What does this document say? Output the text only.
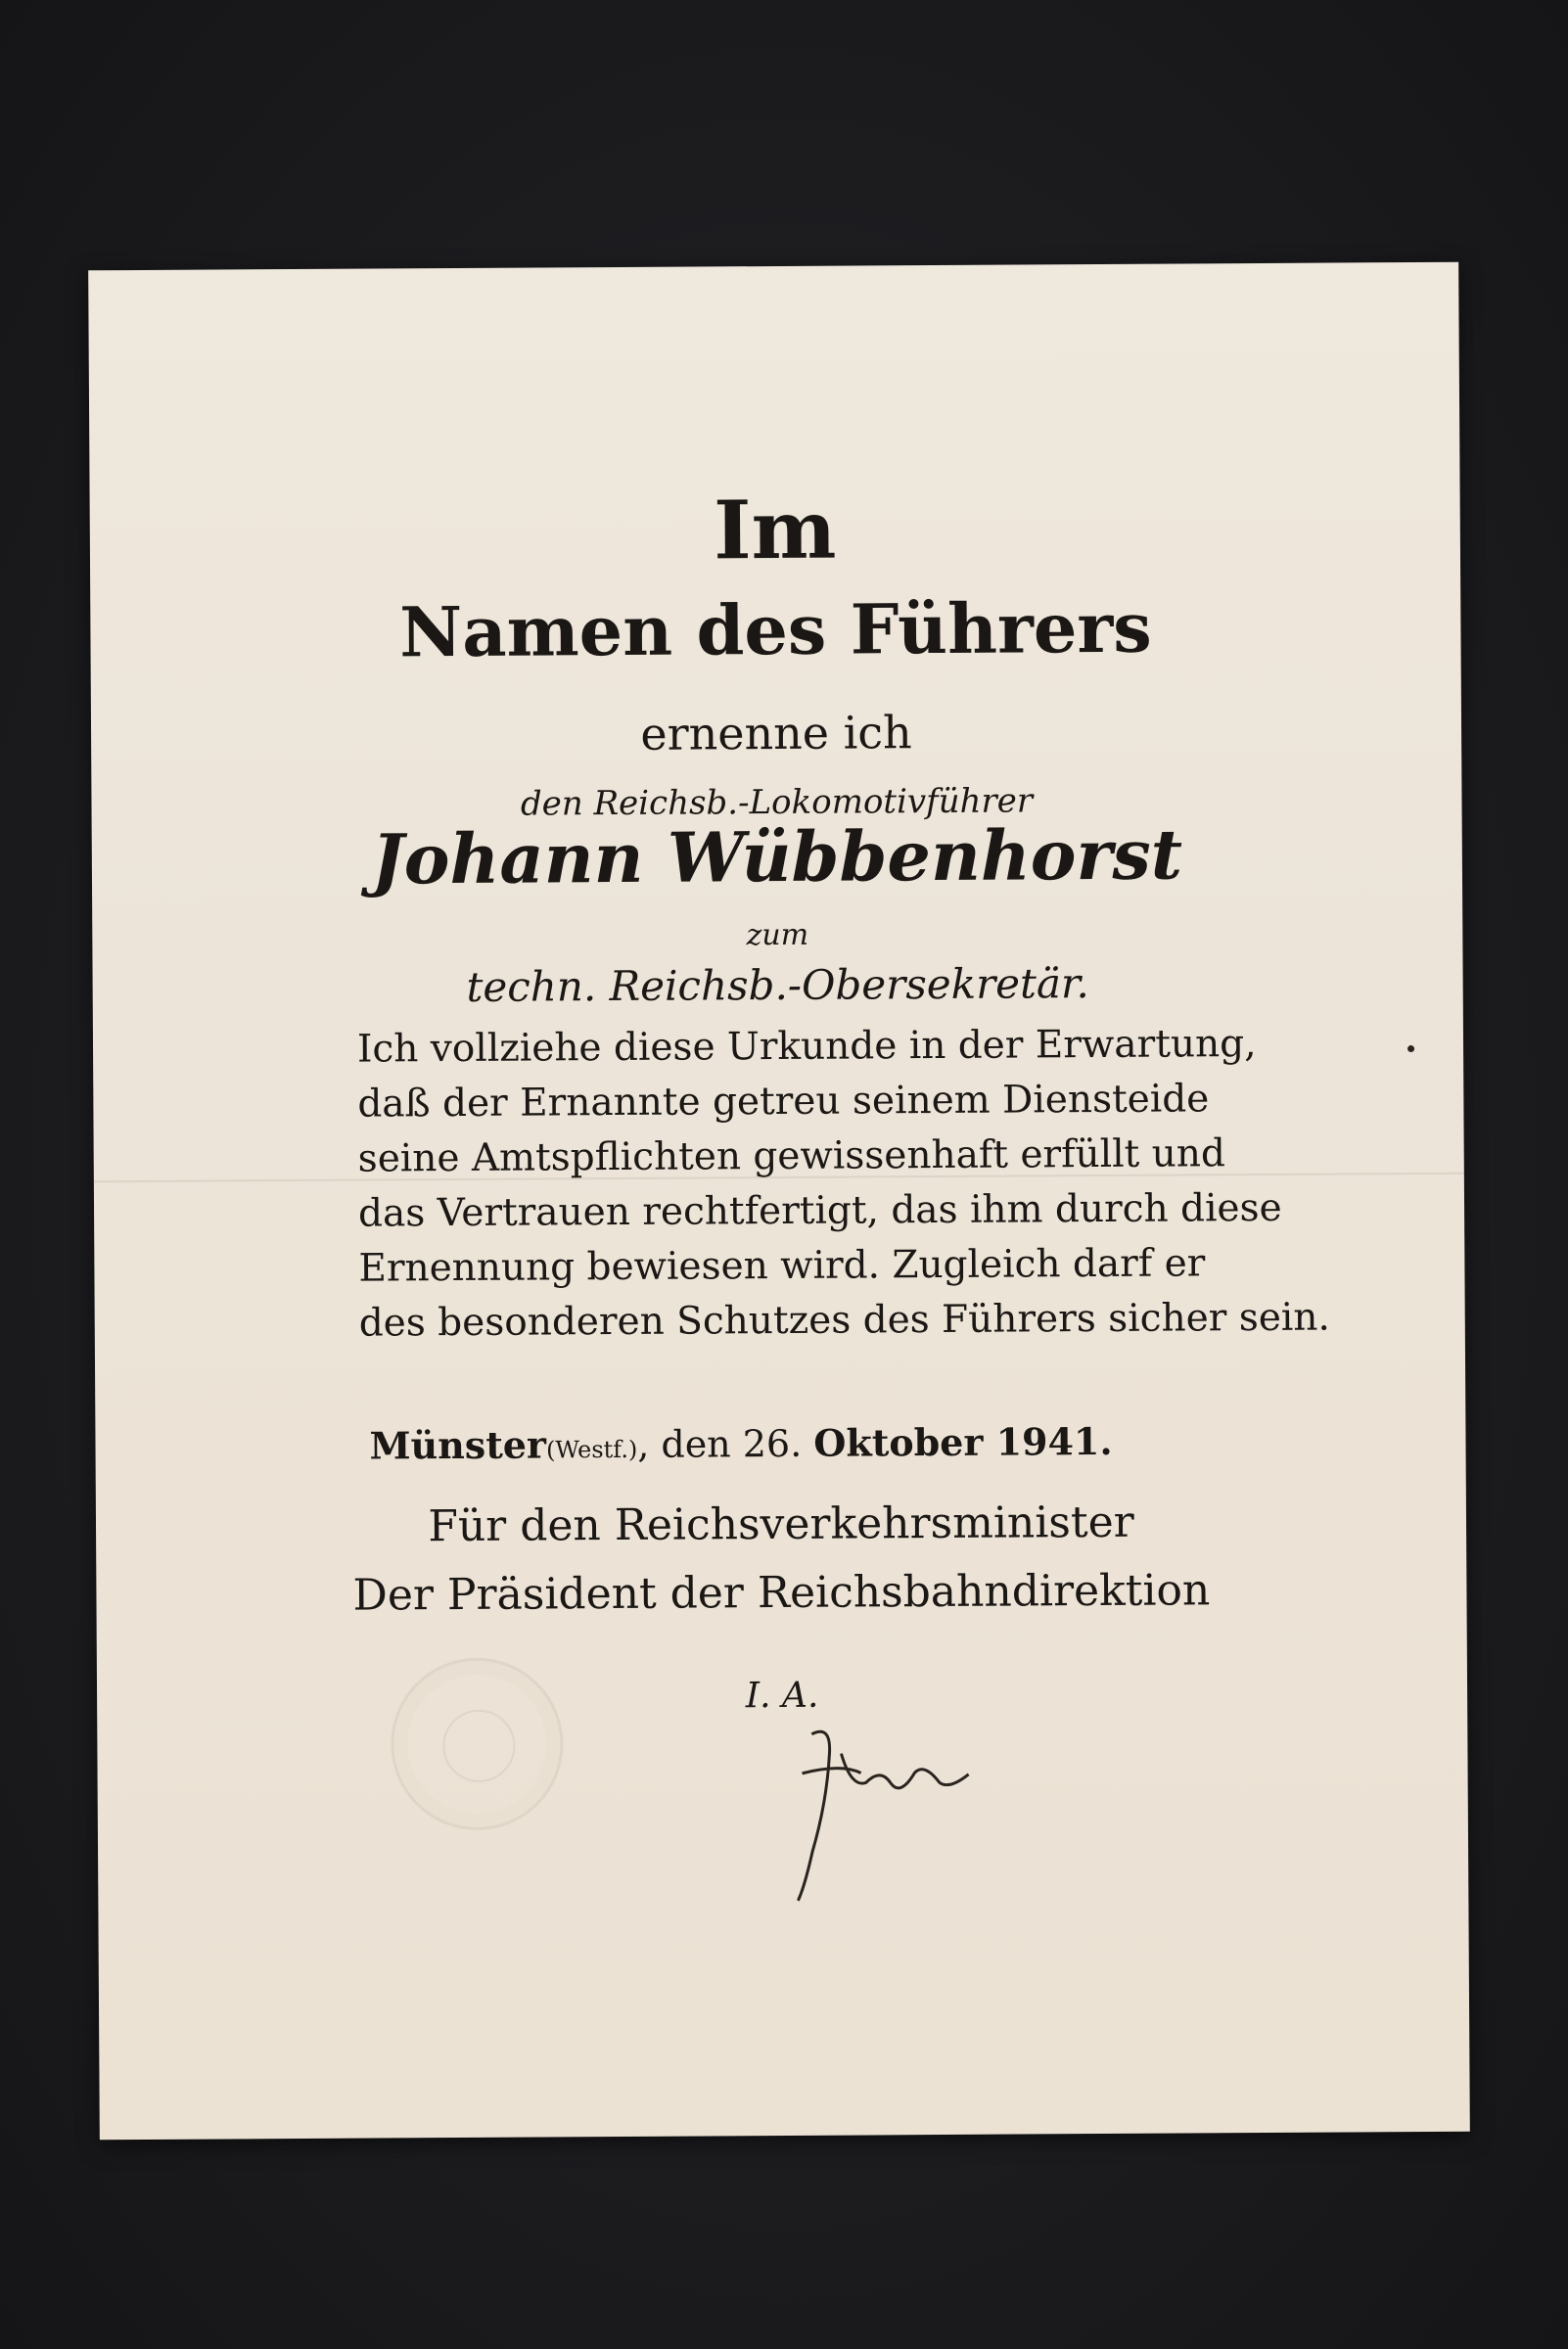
Im
Namen des Führers
ernenne ich
den Reichsb.-Lokomotivführer
Johann Wübbenhorst
zum
techn. Reichsb.-Obersekretär.
Ich vollziehe diese Urkunde in der Erwartung,
daß der Ernannte getreu seinem Diensteide
seine Amtspflichten gewissenhaft erfüllt und
das Vertrauen rechtfertigt, das ihm durch diese
Ernennung bewiesen wird. Zugleich darf er
des besonderen Schutzes des Führers sicher sein.
Münster(Westf.), den 26. Oktober 1941.
Für den Reichsverkehrsminister
Der Präsident der Reichsbahndirektion
I. A.
